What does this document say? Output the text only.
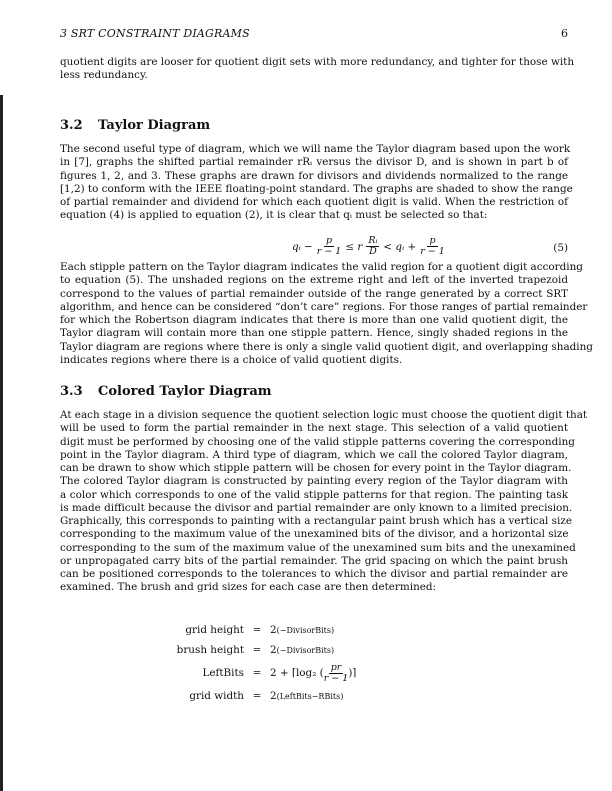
3 SRT CONSTRAINT DIAGRAMS	6
quotient digits are looser for quotient digit sets with more redundancy, and tighter for those with
less redundancy.
3.2 Taylor Diagram
The second useful type of diagram, which we will name the Taylor diagram based upon the work
in [7], graphs the shifted partial remainder rRᵢ versus the divisor D, and is shown in part b of
figures 1, 2, and 3. These graphs are drawn for divisors and dividends normalized to the range
[1,2) to conform with the IEEE floating-point standard. The graphs are shaded to show the range
of partial remainder and dividend for which each quotient digit is valid. When the restriction of
equation (4) is applied to equation (2), it is clear that qᵢ must be selected so that:
qᵢ − $\frac{p}{r - 1} \le r \frac{\text{Rᵢ}}{D}$ < qᵢ + $\frac{p}{r - 1}$	(5)
Each stipple pattern on the Taylor diagram indicates the valid region for a quotient digit according
to equation (5). The unshaded regions on the extreme right and left of the inverted trapezoid
correspond to the values of partial remainder outside of the range generated by a correct SRT
algorithm, and hence can be considered “don’t care” regions. For those ranges of partial remainder
for which the Robertson diagram indicates that there is more than one valid quotient digit, the
Taylor diagram will contain more than one stipple pattern. Hence, singly shaded regions in the
Taylor diagram are regions where there is only a single valid quotient digit, and overlapping shading
indicates regions where there is a choice of valid quotient digits.
3.3 Colored Taylor Diagram
At each stage in a division sequence the quotient selection logic must choose the quotient digit that
will be used to form the partial remainder in the next stage. This selection of a valid quotient
digit must be performed by choosing one of the valid stipple patterns covering the corresponding
point in the Taylor diagram. A third type of diagram, which we call the colored Taylor diagram,
can be drawn to show which stipple pattern will be chosen for every point in the Taylor diagram.
The colored Taylor diagram is constructed by painting every region of the Taylor diagram with
a color which corresponds to one of the valid stipple patterns for that region. The painting task
is made difficult because the divisor and partial remainder are only known to a limited precision.
Graphically, this corresponds to painting with a rectangular paint brush which has a vertical size
corresponding to the maximum value of the unexamined bits of the divisor, and a horizontal size
corresponding to the sum of the maximum value of the unexamined sum bits and the unexamined
or unpropagated carry bits of the partial remainder. The grid spacing on which the paint brush
can be positioned corresponds to the tolerances to which the divisor and partial remainder are
examined. The brush and grid sizes for each case are then determined:
grid height = 2 (−DivisorBits)
brush height = 2 (−DivisorBits)
LeftBits = 2 + ⌈log₂ ( $\frac{pr}{r - 1}$ )⌉
grid width = 2 (LeftBits−RBits)
